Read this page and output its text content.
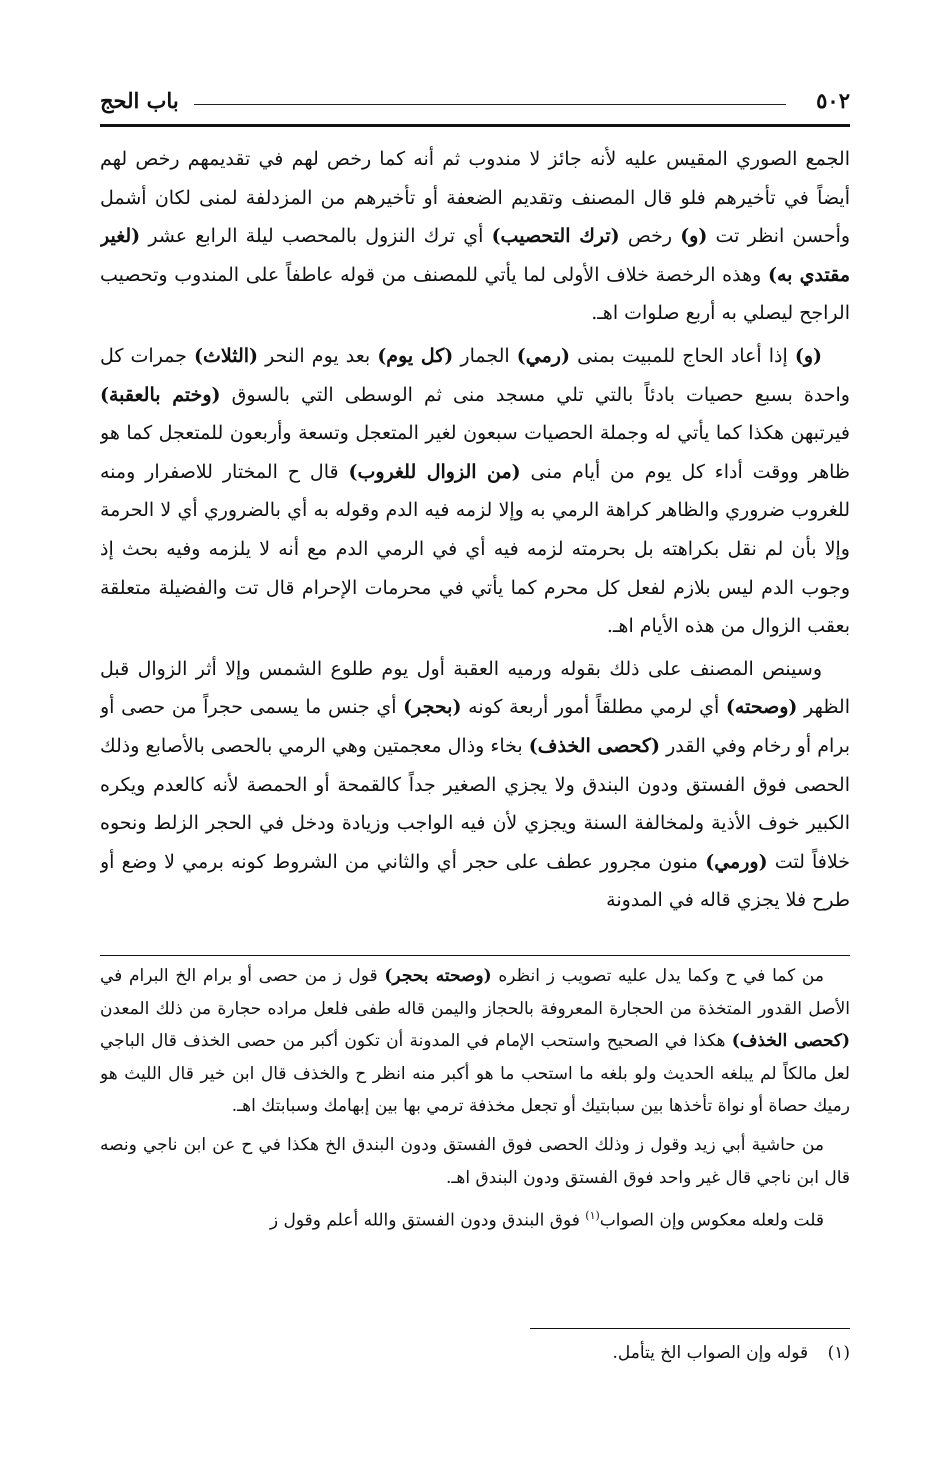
٥٠٢
باب الحج

الجمع الصوري المقيس عليه لأنه جائز لا مندوب ثم أنه كما رخص لهم في تقديمهم رخص لهم أيضاً في تأخيرهم فلو قال المصنف وتقديم الضعفة أو تأخيرهم من المزدلفة لمنى لكان أشمل وأحسن انظر تت (و) رخص (ترك التحصيب) أي ترك النزول بالمحصب ليلة الرابع عشر (لغير مقتدي به) وهذه الرخصة خلاف الأولى لما يأتي للمصنف من قوله عاطفاً على المندوب وتحصيب الراجح ليصلي به أربع صلوات اهـ.

(و) إذا أعاد الحاج للمبيت بمنى (رمي) الجمار (كل يوم) بعد يوم النحر (الثلاث) جمرات كل واحدة بسبع حصيات بادئاً بالتي تلي مسجد منى ثم الوسطى التي بالسوق (وختم بالعقبة) فيرتبهن هكذا كما يأتي له وجملة الحصيات سبعون لغير المتعجل وتسعة وأربعون للمتعجل كما هو ظاهر ووقت أداء كل يوم من أيام منى (من الزوال للغروب) قال ح المختار للاصفرار ومنه للغروب ضروري والظاهر كراهة الرمي به وإلا لزمه فيه الدم وقوله به أي بالضروري أي لا الحرمة وإلا بأن لم نقل بكراهته بل بحرمته لزمه فيه أي في الرمي الدم مع أنه لا يلزمه وفيه بحث إذ وجوب الدم ليس بلازم لفعل كل محرم كما يأتي في محرمات الإحرام قال تت والفضيلة متعلقة بعقب الزوال من هذه الأيام اهـ.

وسينص المصنف على ذلك بقوله ورميه العقبة أول يوم طلوع الشمس وإلا أثر الزوال قبل الظهر (وصحته) أي لرمي مطلقاً أمور أربعة كونه (بحجر) أي جنس ما يسمى حجراً من حصى أو برام أو رخام وفي القدر (كحصى الخذف) بخاء وذال معجمتين وهي الرمي بالحصى بالأصابع وذلك الحصى فوق الفستق ودون البندق ولا يجزي الصغير جداً كالقمحة أو الحمصة لأنه كالعدم ويكره الكبير خوف الأذية ولمخالفة السنة ويجزي لأن فيه الواجب وزيادة ودخل في الحجر الزلط ونحوه خلافاً لتت (ورمي) منون مجرور عطف على حجر أي والثاني من الشروط كونه برمي لا وضع أو طرح فلا يجزي قاله في المدونة

من كما في ح وكما يدل عليه تصويب ز انظره (وصحته بحجر) قول ز من حصى أو برام الخ البرام في الأصل القدور المتخذة من الحجارة المعروفة بالحجاز واليمن قاله طفى فلعل مراده حجارة من ذلك المعدن (كحصى الخذف) هكذا في الصحيح واستحب الإمام في المدونة أن تكون أكبر من حصى الخذف قال الباجي لعل مالكاً لم يبلغه الحديث ولو بلغه ما استحب ما هو أكبر منه انظر ح والخذف قال ابن خير قال الليث هو رميك حصاة أو نواة تأخذها بين سبابتيك أو تجعل مخذفة ترمي بها بين إبهامك وسبابتك اهـ.

من حاشية أبي زيد وقول ز وذلك الحصى فوق الفستق ودون البندق الخ هكذا في ح عن ابن ناجي ونصه قال ابن ناجي قال غير واحد فوق الفستق ودون البندق اهـ.

قلت ولعله معكوس وإن الصواب$^{(١)}$ فوق البندق ودون الفستق والله أعلم وقول ز

(١) قوله وإن الصواب الخ يتأمل.
